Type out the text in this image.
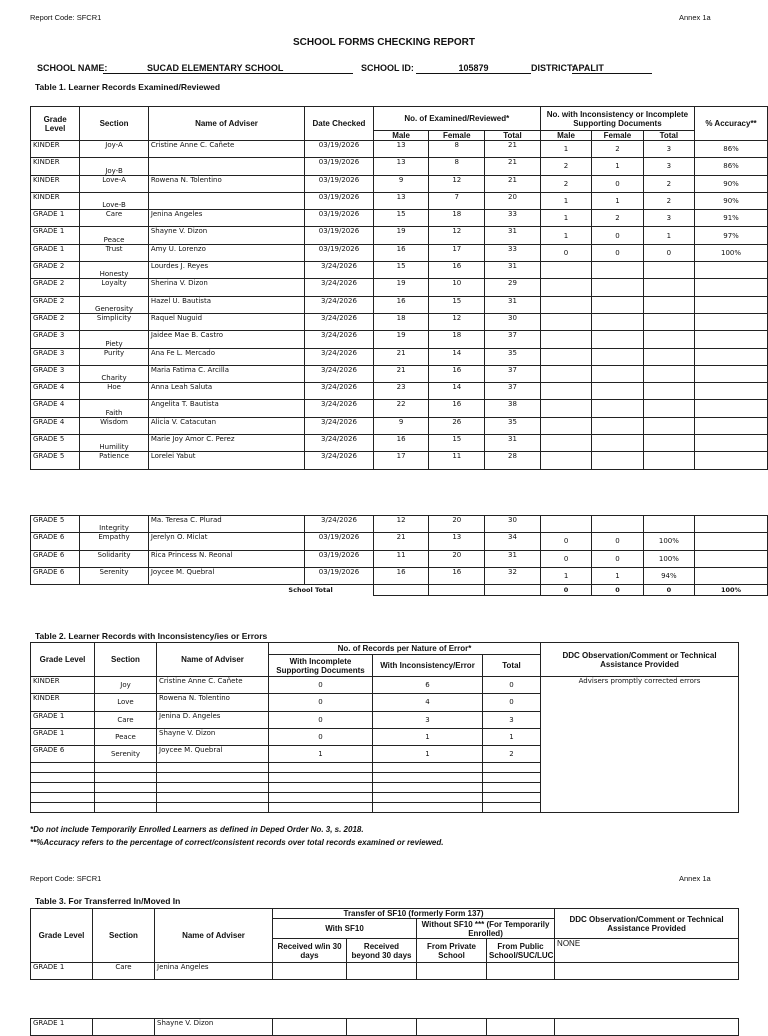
Report Code: SFCR1	Annex 1a
SCHOOL FORMS CHECKING REPORT
SCHOOL NAME:	SUCAD ELEMENTARY SCHOOL	SCHOOL ID:	105879	DISTRICT:
APALIT
Table 1. Learner Records Examined/Reviewed
Grade Level	Section	Name of Adviser	Date Checked	No. of Examined/Reviewed*			No. with Inconsistency or Incomplete Supporting Documents			% Accuracy**
				Male	Female	Total	Male	Female	Total	
KINDER	Joy-A	Cristine Anne C. Cañete	03/19/2026	13	8	21	1	2	3	86%
KINDER	Joy-B		03/19/2026	13	8	21	2	1	3	86%
KINDER	Love-A	Rowena N. Tolentino	03/19/2026	9	12	21	2	0	2	90%
KINDER	Love-B		03/19/2026	13	7	20	1	1	2	90%
GRADE 1	Care	Jenina Angeles	03/19/2026	15	18	33	1	2	3	91%
GRADE 1	Peace	Shayne V. Dizon	03/19/2026	19	12	31	1	0	1	97%
GRADE 1	Trust	Amy U. Lorenzo	03/19/2026	16	17	33	0	0	0	100%
GRADE 2	Honesty	Lourdes J. Reyes	3/24/2026	15	16	31				
GRADE 2	Loyalty	Sherina V. Dizon	3/24/2026	19	10	29				
GRADE 2	Generosity	Hazel U. Bautista	3/24/2026	16	15	31				
GRADE 2	Simplicity	Raquel Nuguid	3/24/2026	18	12	30				
GRADE 3	Piety	Jaidee Mae B. Castro	3/24/2026	19	18	37				
GRADE 3	Purity	Ana Fe L. Mercado	3/24/2026	21	14	35				
GRADE 3	Charity	Maria Fatima C. Arcilla	3/24/2026	21	16	37				
GRADE 4	Hoe	Anna Leah Saluta	3/24/2026	23	14	37				
GRADE 4	Faith	Angelita T. Bautista	3/24/2026	22	16	38				
GRADE 4	Wisdom	Alicia V. Catacutan	3/24/2026	9	26	35				
GRADE 5	Humility	Marie Joy Amor C. Perez	3/24/2026	16	15	31				
GRADE 5	Patience	Lorelei Yabut	3/24/2026	17	11	28				
GRADE 5	Integrity	Ma. Teresa C. Plurad	3/24/2026	12	20	30				
GRADE 6	Empathy	Jerelyn O. Miclat	03/19/2026	21	13	34	0	0	100%	
GRADE 6	Solidarity	Rica Princess N. Reonal	03/19/2026	11	20	31	0	0	100%	
GRADE 6	Serenity	Joycee M. Quebral	03/19/2026	16	16	32	1	1	94%	
School Total							0	0	0	100%
Table 2. Learner Records with Inconsistency/ies or Errors
Grade Level	Section	Name of Adviser	No. of Records per Nature of Error*			DDC Observation/Comment or Technical Assistance Provided
			With Incomplete Supporting Documents	With Inconsistency/Error	Total	
KINDER	Joy	Cristine Anne C. Cañete	0	6	0	Advisers promptly corrected errors
KINDER	Love	Rowena N. Tolentino	0	4	0	
GRADE 1	Care	Jenina D. Angeles	0	3	3	
GRADE 1	Peace	Shayne V. Dizon	0	1	1	
GRADE 6	Serenity	Joycee M. Quebral	1	1	2	

*Do not include Temporarily Enrolled Learners as defined in Deped Order No. 3, s. 2018.
**%Accuracy refers to the percentage of correct/consistent records over total records examined or reviewed.
Report Code: SFCR1	Annex 1a
Table 3. For Transferred In/Moved In
Grade Level	Section	Name of Adviser	Transfer of SF10 (formerly Form 137)				DDC Observation/Comment or Technical Assistance Provided
			With SF10		Without SF10 *** (For Temporarily Enrolled)		
			Received w/in 30 days	Received beyond 30 days	From Private School	From Public School/SUC/LUC	NONE
GRADE 1	Care	Jenina Angeles					
GRADE 1		Shayne V. Dizon					
